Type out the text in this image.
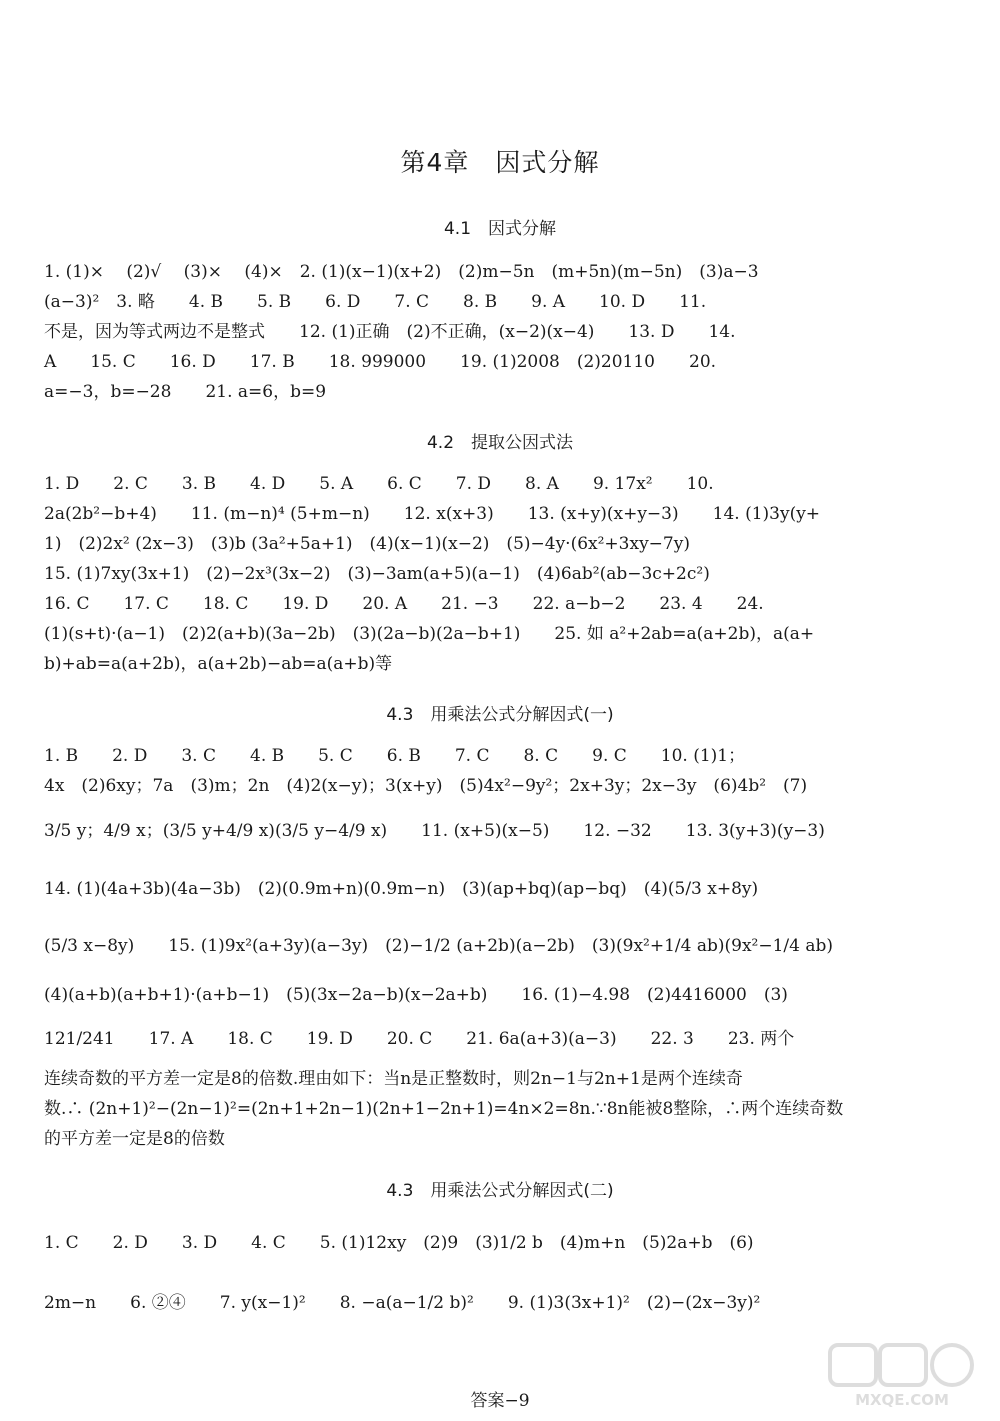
第4章　因式分解
4.1　因式分解
1. (1)×　 (2)√　 (3)×　 (4)×　2. (1)(x−1)(x+2)　(2)m−5n　(m+5n)(m−5n)　(3)a−3
(a−3)²　3. 略　　4. B　　5. B　　6. D　　7. C　　8. B　　9. A　　10. D　　11.
不是，因为等式两边不是整式　　12. (1)正确　(2)不正确，(x−2)(x−4)　　13. D　　14.
A　　15. C　　16. D　　17. B　　18. 999000　　19. (1)2008　(2)20110　　20.
a=−3，b=−28　　21. a=6，b=9
4.2　提取公因式法
1. D　　2. C　　3. B　　4. D　　5. A　　6. C　　7. D　　8. A　　9. 17x²　　10.
2a(2b²−b+4)　　11. (m−n)⁴ (5+m−n)　　12. x(x+3)　　13. (x+y)(x+y−3)　　14. (1)3y(y+
1)　(2)2x² (2x−3)　(3)b (3a²+5a+1)　(4)(x−1)(x−2)　(5)−4y·(6x²+3xy−7y)
15. (1)7xy(3x+1)　(2)−2x³(3x−2)　(3)−3am(a+5)(a−1)　(4)6ab²(ab−3c+2c²)
16. C　　17. C　　18. C　　19. D　　20. A　　21. −3　　22. a−b−2　　23. 4　　24.
(1)(s+t)·(a−1)　(2)2(a+b)(3a−2b)　(3)(2a−b)(2a−b+1)　　25. 如 a²+2ab=a(a+2b)，a(a+
b)+ab=a(a+2b)，a(a+2b)−ab=a(a+b)等
4.3　用乘法公式分解因式(一)
1. B　　2. D　　3. C　　4. B　　5. C　　6. B　　7. C　　8. C　　9. C　　10. (1)1；
4x　(2)6xy；7a　(3)m；2n　(4)2(x−y)；3(x+y)　(5)4x²−9y²；2x+3y；2x−3y　(6)4b²　(7)
3/5 y；4/9 x；(3/5 y+4/9 x)(3/5 y−4/9 x)　　11. (x+5)(x−5)　　12. −32　　13. 3(y+3)(y−3)
14. (1)(4a+3b)(4a−3b)　(2)(0.9m+n)(0.9m−n)　(3)(ap+bq)(ap−bq)　(4)(5/3 x+8y)
(5/3 x−8y)　　15. (1)9x²(a+3y)(a−3y)　(2)−1/2 (a+2b)(a−2b)　(3)(9x²+1/4 ab)(9x²−1/4 ab)
(4)(a+b)(a+b+1)·(a+b−1)　(5)(3x−2a−b)(x−2a+b)　　16. (1)−4.98　(2)4416000　(3)
121/241　　17. A　　18. C　　19. D　　20. C　　21. 6a(a+3)(a−3)　　22. 3　　23. 两个
连续奇数的平方差一定是8的倍数.理由如下：当n是正整数时，则2n−1与2n+1是两个连续奇
数.∴ (2n+1)²−(2n−1)²=(2n+1+2n−1)(2n+1−2n+1)=4n×2=8n.∵8n能被8整除，∴两个连续奇数
的平方差一定是8的倍数
4.3　用乘法公式分解因式(二)
1. C　　2. D　　3. D　　4. C　　5. (1)12xy　(2)9　(3)1/2 b　(4)m+n　(5)2a+b　(6)
2m−n　　6. ②④　　7. y(x−1)²　　8. −a(a−1/2 b)²　　9. (1)3(3x+1)²　(2)−(2x−3y)²
答案−9	MXQE.COM
